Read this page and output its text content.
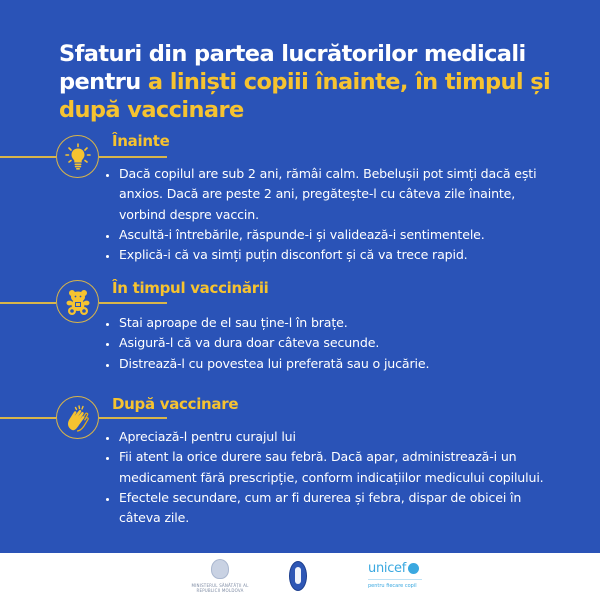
Sfaturi din partea lucrătorilor medicali pentru a liniști copiii înainte, în timpul și după vaccinare
Înainte
• Dacă copilul are sub 2 ani, rămâi calm. Bebelușii pot simți dacă ești anxios. Dacă are peste 2 ani, pregătește-l cu câteva zile înainte, vorbind despre vaccin.
• Ascultă-i întrebările, răspunde-i și validează-i sentimentele.
• Explică-i că va simți puțin disconfort și că va trece rapid.
În timpul vaccinării
• Stai aproape de el sau ține-l în brațe.
• Asigură-l că va dura doar câteva secunde.
• Distrează-l cu povestea lui preferată sau o jucărie.
După vaccinare
• Apreciază-l pentru curajul lui
• Fii atent la orice durere sau febră. Dacă apar, administrează-i un medicament fără prescripție, conform indicațiilor medicului copilului.
• Efectele secundare, cum ar fi durerea și febra, dispar de obicei în câteva zile.
MINISTERUL SĂNĂTĂȚII AL REPUBLICII MOLDOVA
unicef
pentru fiecare copil
